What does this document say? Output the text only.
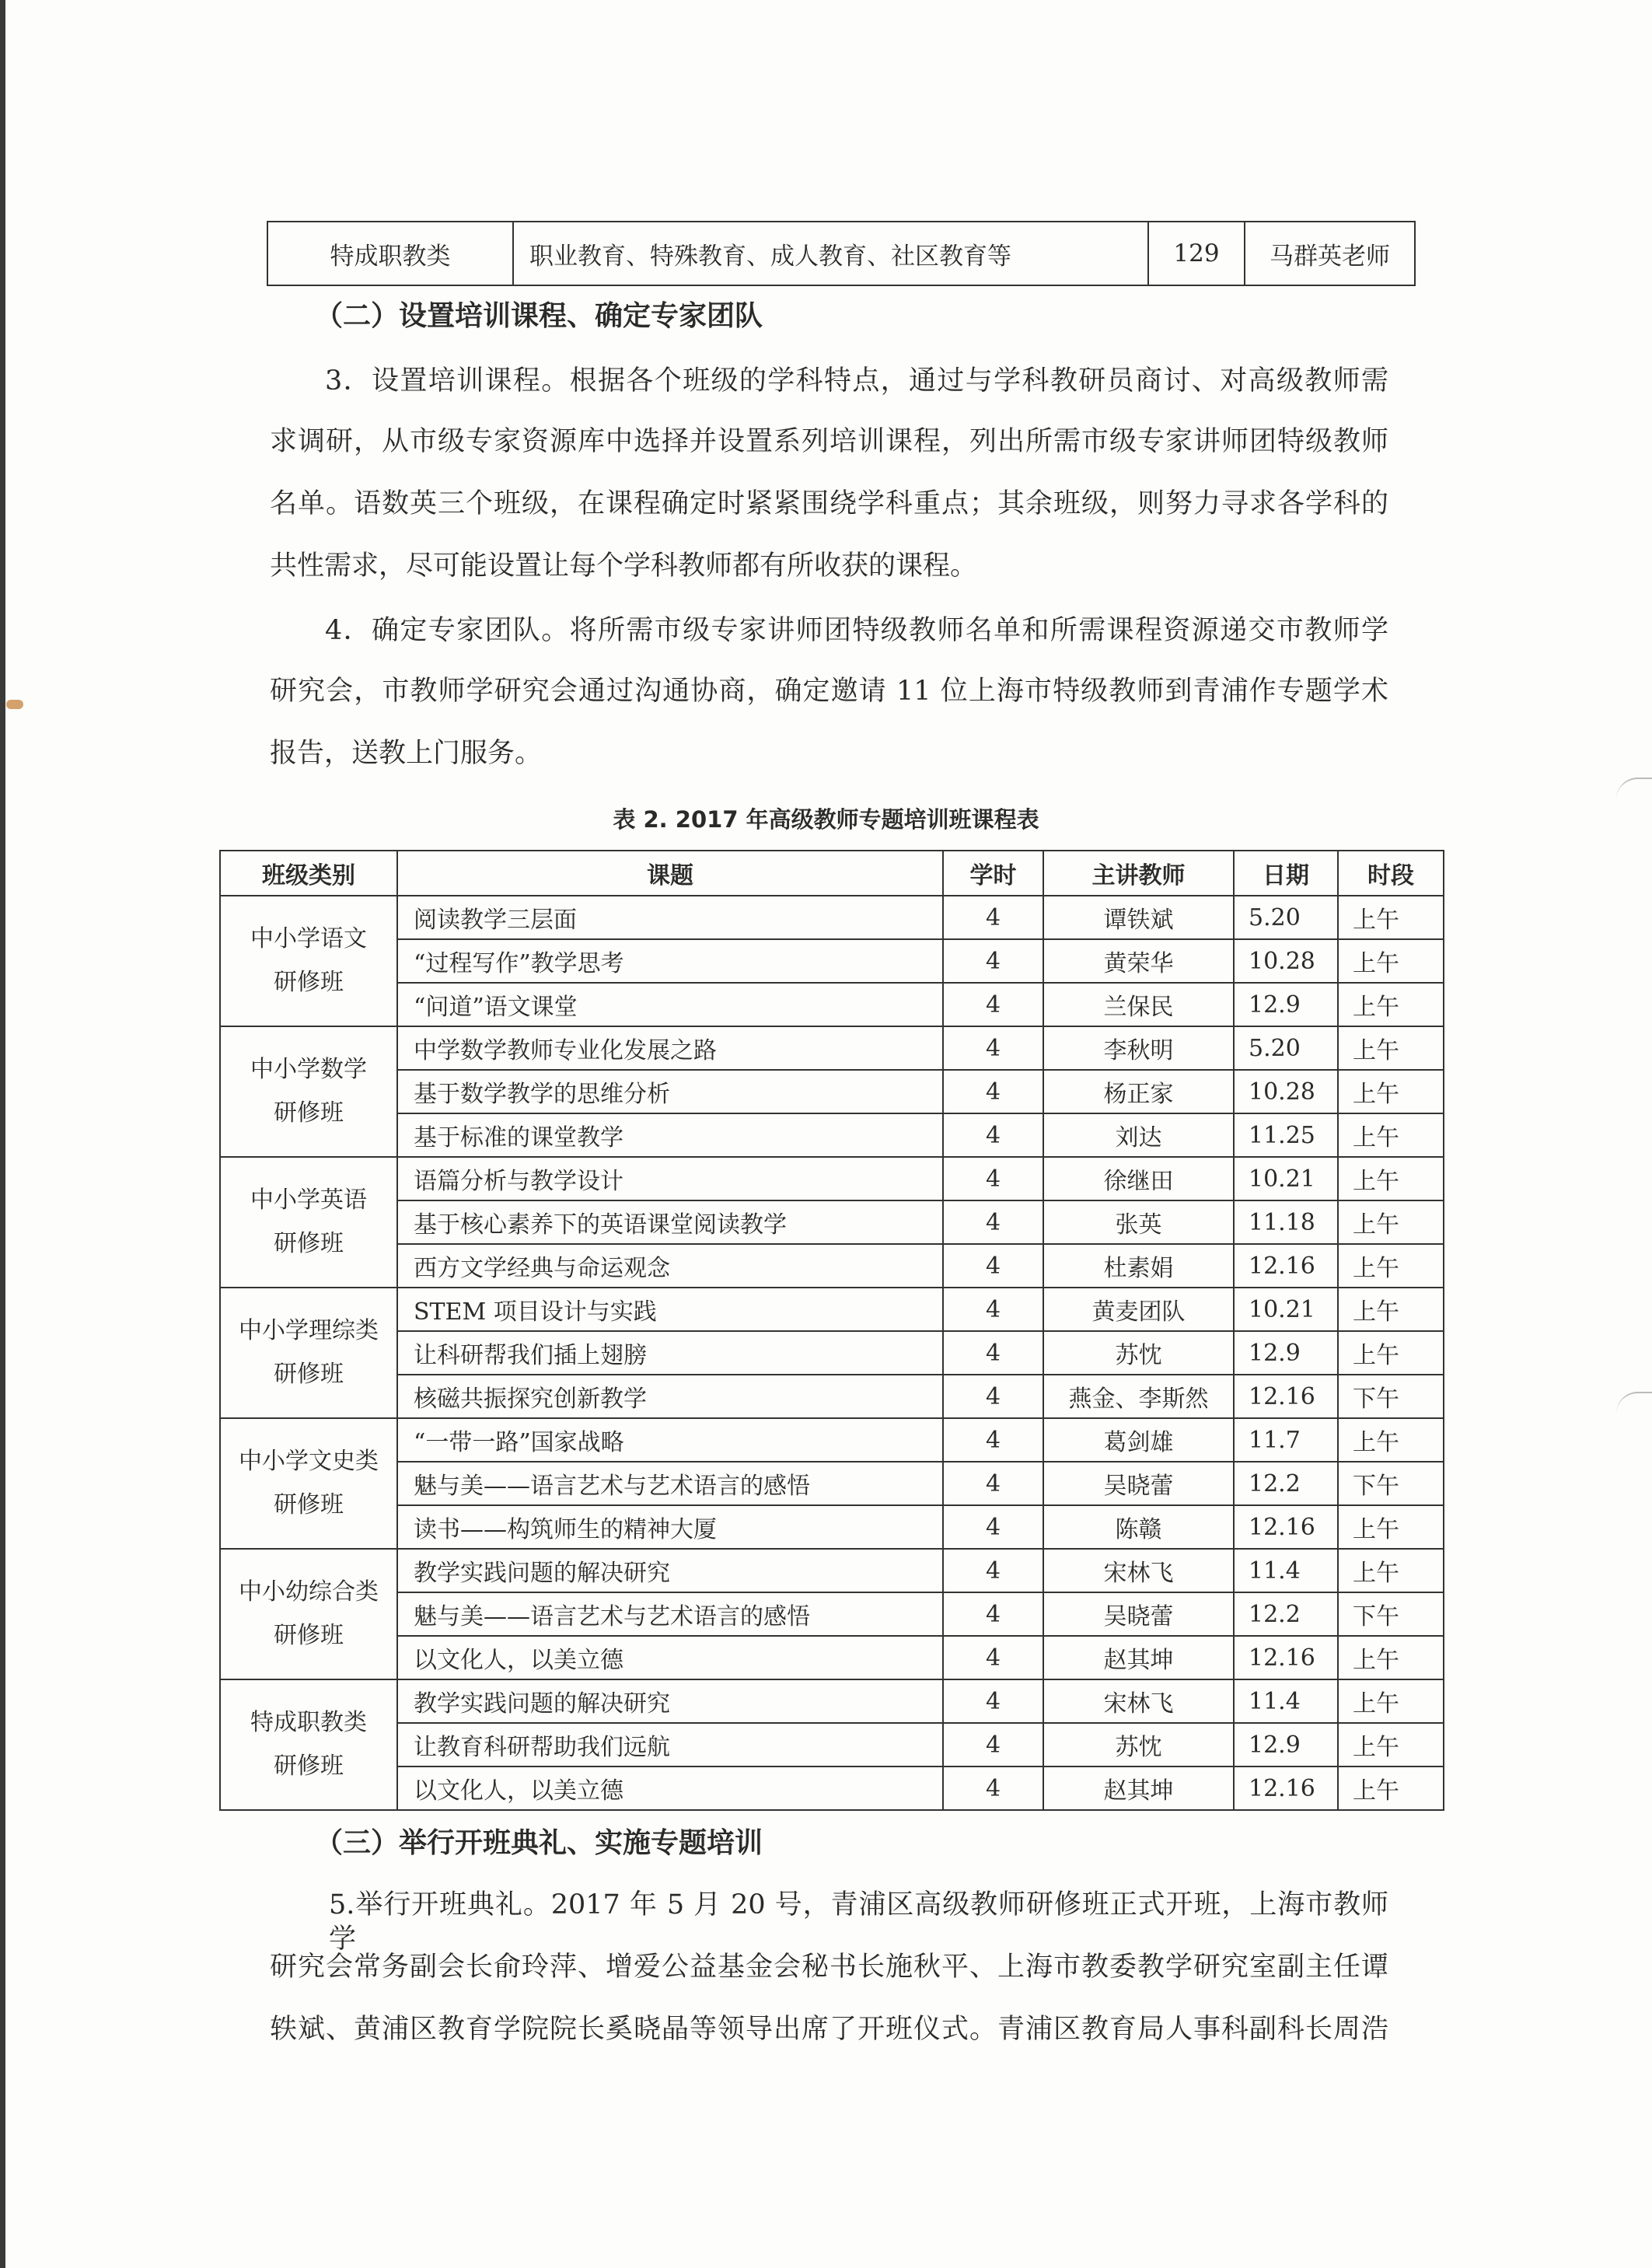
特成职教类	职业教育、特殊教育、成人教育、社区教育等	129	马群英老师
（二）设置培训课程、确定专家团队
3．设置培训课程。根据各个班级的学科特点，通过与学科教研员商讨、对高级教师需
求调研，从市级专家资源库中选择并设置系列培训课程，列出所需市级专家讲师团特级教师
名单。语数英三个班级，在课程确定时紧紧围绕学科重点；其余班级，则努力寻求各学科的
共性需求，尽可能设置让每个学科教师都有所收获的课程。
4．确定专家团队。将所需市级专家讲师团特级教师名单和所需课程资源递交市教师学
研究会，市教师学研究会通过沟通协商，确定邀请 11 位上海市特级教师到青浦作专题学术
报告，送教上门服务。
表 2. 2017 年高级教师专题培训班课程表
班级类别	课题	学时	主讲教师	日期	时段

中小学语文
研修班	阅读教学三层面	4	谭铁斌	5.20	上午
	“过程写作”教学思考	4	黄荣华	10.28	上午
	“问道”语文课堂	4	兰保民	12.9	上午

中小学数学
研修班	中学数学教师专业化发展之路	4	李秋明	5.20	上午
	基于数学教学的思维分析	4	杨正家	10.28	上午
	基于标准的课堂教学	4	刘达	11.25	上午

中小学英语
研修班	语篇分析与教学设计	4	徐继田	10.21	上午
	基于核心素养下的英语课堂阅读教学	4	张英	11.18	上午
	西方文学经典与命运观念	4	杜素娟	12.16	上午

中小学理综类
研修班	STEM 项目设计与实践	4	黄麦团队	10.21	上午
	让科研帮我们插上翅膀	4	苏忱	12.9	上午
	核磁共振探究创新教学	4	燕金、李斯然	12.16	下午

中小学文史类
研修班	“一带一路”国家战略	4	葛剑雄	11.7	上午
	魅与美——语言艺术与艺术语言的感悟	4	吴晓蕾	12.2	下午
	读书——构筑师生的精神大厦	4	陈赣	12.16	上午

中小幼综合类
研修班	教学实践问题的解决研究	4	宋林飞	11.4	上午
	魅与美——语言艺术与艺术语言的感悟	4	吴晓蕾	12.2	下午
	以文化人，以美立德	4	赵其坤	12.16	上午

特成职教类
研修班	教学实践问题的解决研究	4	宋林飞	11.4	上午
	让教育科研帮助我们远航	4	苏忱	12.9	上午
	以文化人，以美立德	4	赵其坤	12.16	上午
（三）举行开班典礼、实施专题培训
5.举行开班典礼。2017 年 5 月 20 号，青浦区高级教师研修班正式开班，上海市教师学
研究会常务副会长俞玲萍、增爱公益基金会秘书长施秋平、上海市教委教学研究室副主任谭
轶斌、黄浦区教育学院院长奚晓晶等领导出席了开班仪式。青浦区教育局人事科副科长周浩
